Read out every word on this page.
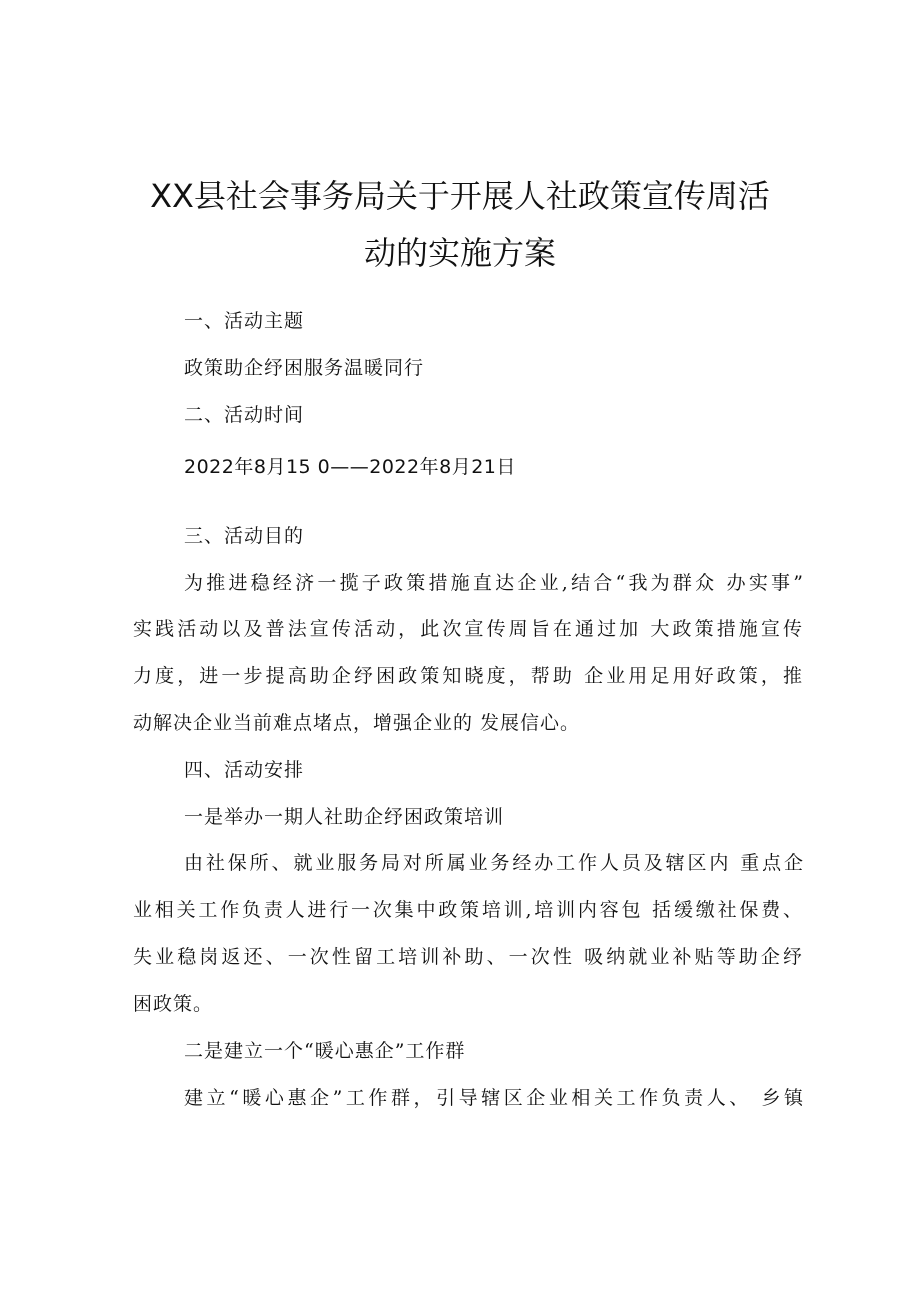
XX县社会事务局关于开展人社政策宣传周活
动的实施方案
一、活动主题
政策助企纾困服务温暖同行
二、活动时间
2022年8月15 0——2022年8月21日
三、活动目的
为推进稳经济一揽子政策措施直达企业,结合“我为群众 办实事”
实践活动以及普法宣传活动，此次宣传周旨在通过加 大政策措施宣传
力度，进一步提高助企纾困政策知晓度，帮助 企业用足用好政策，推
动解决企业当前难点堵点，增强企业的 发展信心。
四、活动安排
一是举办一期人社助企纾困政策培训
由社保所、就业服务局对所属业务经办工作人员及辖区内 重点企
业相关工作负责人进行一次集中政策培训,培训内容包 括缓缴社保费、
失业稳岗返还、一次性留工培训补助、一次性 吸纳就业补贴等助企纾
困政策。
二是建立一个“暖心惠企”工作群
建立“暖心惠企”工作群，引导辖区企业相关工作负责人、 乡镇
